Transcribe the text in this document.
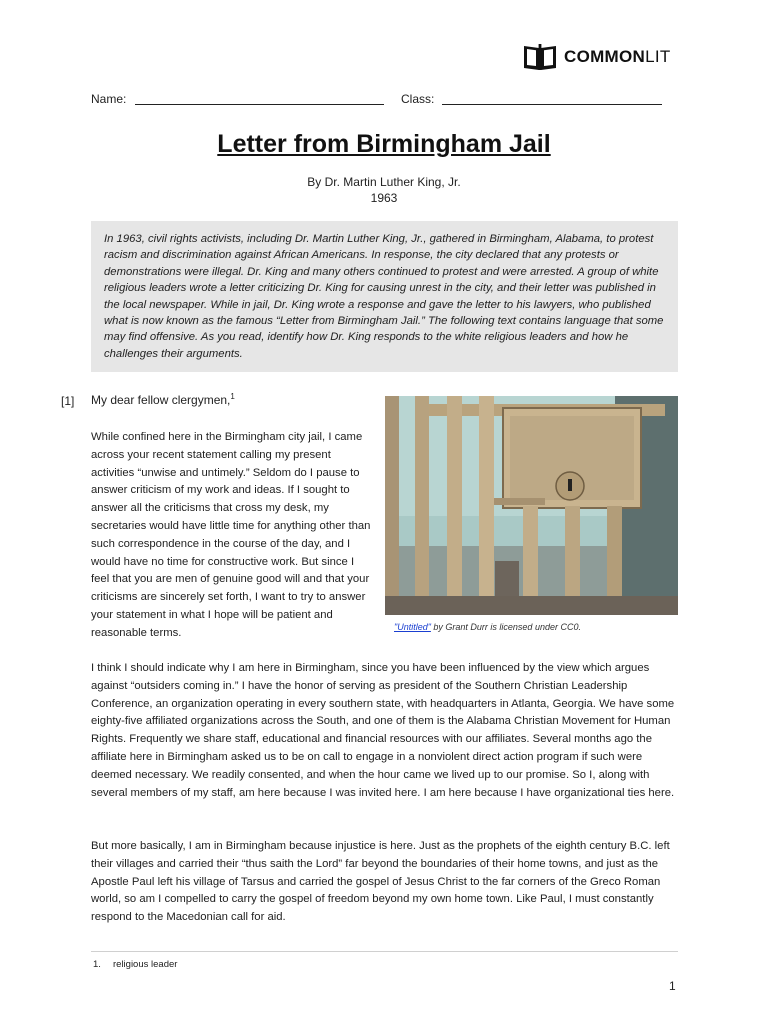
COMMONLIT
Name:	Class:
Letter from Birmingham Jail
By Dr. Martin Luther King, Jr.
1963
In 1963, civil rights activists, including Dr. Martin Luther King, Jr., gathered in Birmingham, Alabama, to protest racism and discrimination against African Americans. In response, the city declared that any protests or demonstrations were illegal. Dr. King and many others continued to protest and were arrested. A group of white religious leaders wrote a letter criticizing Dr. King for causing unrest in the city, and their letter was published in the local newspaper. While in jail, Dr. King wrote a response and gave the letter to his lawyers, who published what is now known as the famous “Letter from Birmingham Jail.” The following text contains language that some may find offensive. As you read, identify how Dr. King responds to the white religious leaders and how he challenges their arguments.
[1] My dear fellow clergymen,$^1$
While confined here in the Birmingham city jail, I came across your recent statement calling my present activities “unwise and untimely.” Seldom do I pause to answer criticism of my work and ideas. If I sought to answer all the criticisms that cross my desk, my secretaries would have little time for anything other than such correspondence in the course of the day, and I would have no time for constructive work. But since I feel that you are men of genuine good will and that your criticisms are sincerely set forth, I want to try to answer your statement in what I hope will be patient and reasonable terms.	"Untitled" by Grant Durr is licensed under CC0.
I think I should indicate why I am here in Birmingham, since you have been influenced by the view which argues against “outsiders coming in.” I have the honor of serving as president of the Southern Christian Leadership Conference, an organization operating in every southern state, with headquarters in Atlanta, Georgia. We have some eighty-five affiliated organizations across the South, and one of them is the Alabama Christian Movement for Human Rights. Frequently we share staff, educational and financial resources with our affiliates. Several months ago the affiliate here in Birmingham asked us to be on call to engage in a nonviolent direct action program if such were deemed necessary. We readily consented, and when the hour came we lived up to our promise. So I, along with several members of my staff, am here because I was invited here. I am here because I have organizational ties here.
But more basically, I am in Birmingham because injustice is here. Just as the prophets of the eighth century B.C. left their villages and carried their “thus saith the Lord” far beyond the boundaries of their home towns, and just as the Apostle Paul left his village of Tarsus and carried the gospel of Jesus Christ to the far corners of the Greco Roman world, so am I compelled to carry the gospel of freedom beyond my own home town. Like Paul, I must constantly respond to the Macedonian call for aid.
1. religious leader
1
